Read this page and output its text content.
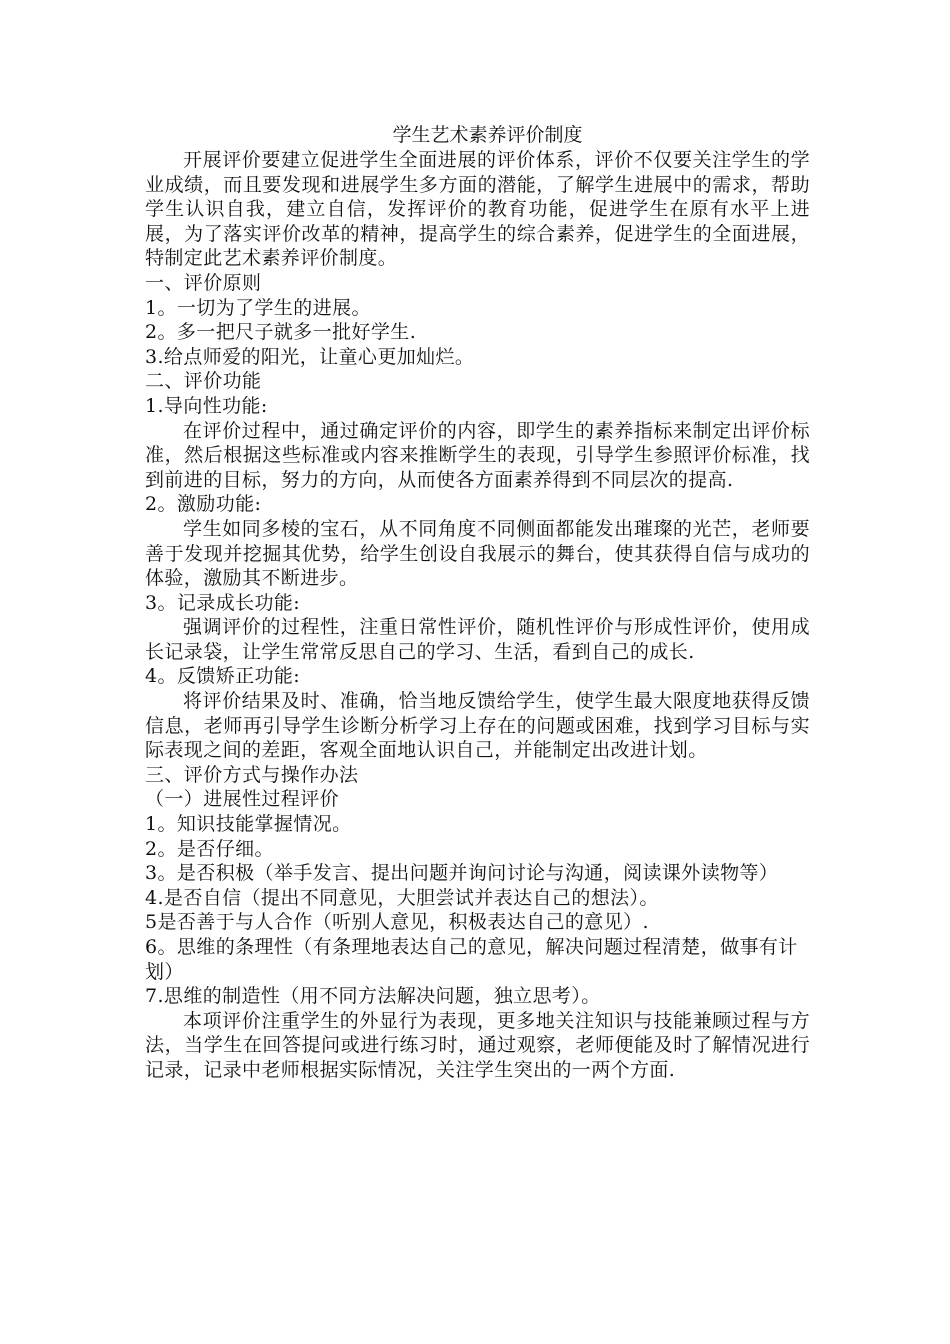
学生艺术素养评价制度

开展评价要建立促进学生全面进展的评价体系，评价不仅要关注学生的学业成绩，而且要发现和进展学生多方面的潜能，了解学生进展中的需求，帮助学生认识自我，建立自信，发挥评价的教育功能，促进学生在原有水平上进展，为了落实评价改革的精神，提高学生的综合素养，促进学生的全面进展，特制定此艺术素养评价制度。

一、评价原则

1。一切为了学生的进展。

2。多一把尺子就多一批好学生.

3.给点师爱的阳光，让童心更加灿烂。

二、评价功能

1.导向性功能:

在评价过程中，通过确定评价的内容，即学生的素养指标来制定出评价标准，然后根据这些标准或内容来推断学生的表现，引导学生参照评价标准，找到前进的目标，努力的方向，从而使各方面素养得到不同层次的提高.

2。激励功能:

学生如同多棱的宝石，从不同角度不同侧面都能发出璀璨的光芒，老师要善于发现并挖掘其优势，给学生创设自我展示的舞台，使其获得自信与成功的体验，激励其不断进步。

3。记录成长功能:

强调评价的过程性，注重日常性评价，随机性评价与形成性评价，使用成长记录袋，让学生常常反思自己的学习、生活，看到自己的成长.

4。反馈矫正功能:

将评价结果及时、准确，恰当地反馈给学生，使学生最大限度地获得反馈信息，老师再引导学生诊断分析学习上存在的问题或困难，找到学习目标与实际表现之间的差距，客观全面地认识自己，并能制定出改进计划。

三、评价方式与操作办法

（一）进展性过程评价

1。知识技能掌握情况。

2。是否仔细。

3。是否积极（举手发言、提出问题并询问讨论与沟通，阅读课外读物等）

4.是否自信（提出不同意见，大胆尝试并表达自己的想法）。

5是否善于与人合作（听别人意见，积极表达自己的意见）.

6。思维的条理性（有条理地表达自己的意见，解决问题过程清楚，做事有计划）

7.思维的制造性（用不同方法解决问题，独立思考）。

本项评价注重学生的外显行为表现，更多地关注知识与技能兼顾过程与方法，当学生在回答提问或进行练习时，通过观察，老师便能及时了解情况进行记录，记录中老师根据实际情况，关注学生突出的一两个方面.
